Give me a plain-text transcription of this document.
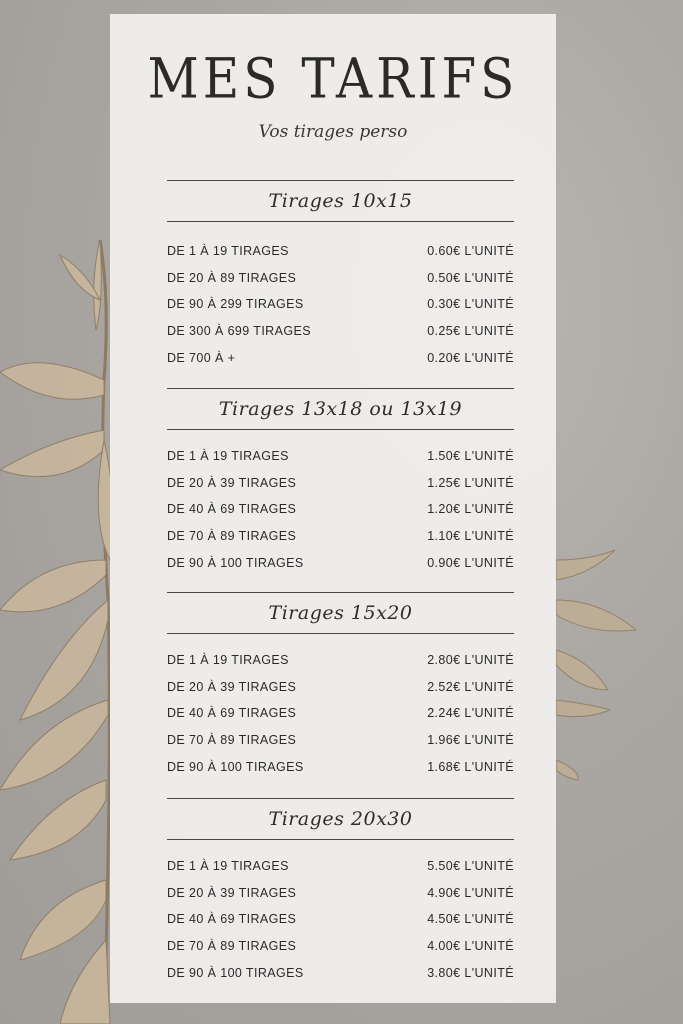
MES TARIFS
Vos tirages perso
Tirages 10x15
DE 1 À 19 TIRAGES	0.60€ L'UNITÉ
DE 20 À 89 TIRAGES	0.50€ L'UNITÉ
DE 90 À 299 TIRAGES	0.30€ L'UNITÉ
DE 300 À 699 TIRAGES	0.25€ L'UNITÉ
DE 700 À +	0.20€ L'UNITÉ
Tirages 13x18 ou 13x19
DE 1 À 19 TIRAGES	1.50€ L'UNITÉ
DE 20 À 39 TIRAGES	1.25€ L'UNITÉ
DE 40 À 69 TIRAGES	1.20€ L'UNITÉ
DE 70 À 89 TIRAGES	1.10€ L'UNITÉ
DE 90 À 100 TIRAGES	0.90€ L'UNITÉ
Tirages 15x20
DE 1 À 19 TIRAGES	2.80€ L'UNITÉ
DE 20 À 39 TIRAGES	2.52€ L'UNITÉ
DE 40 À 69 TIRAGES	2.24€ L'UNITÉ
DE 70 À 89 TIRAGES	1.96€ L'UNITÉ
DE 90 À 100 TIRAGES	1.68€ L'UNITÉ
Tirages 20x30
DE 1 À 19 TIRAGES	5.50€ L'UNITÉ
DE 20 À 39 TIRAGES	4.90€ L'UNITÉ
DE 40 À 69 TIRAGES	4.50€ L'UNITÉ
DE 70 À 89 TIRAGES	4.00€ L'UNITÉ
DE 90 À 100 TIRAGES	3.80€ L'UNITÉ
